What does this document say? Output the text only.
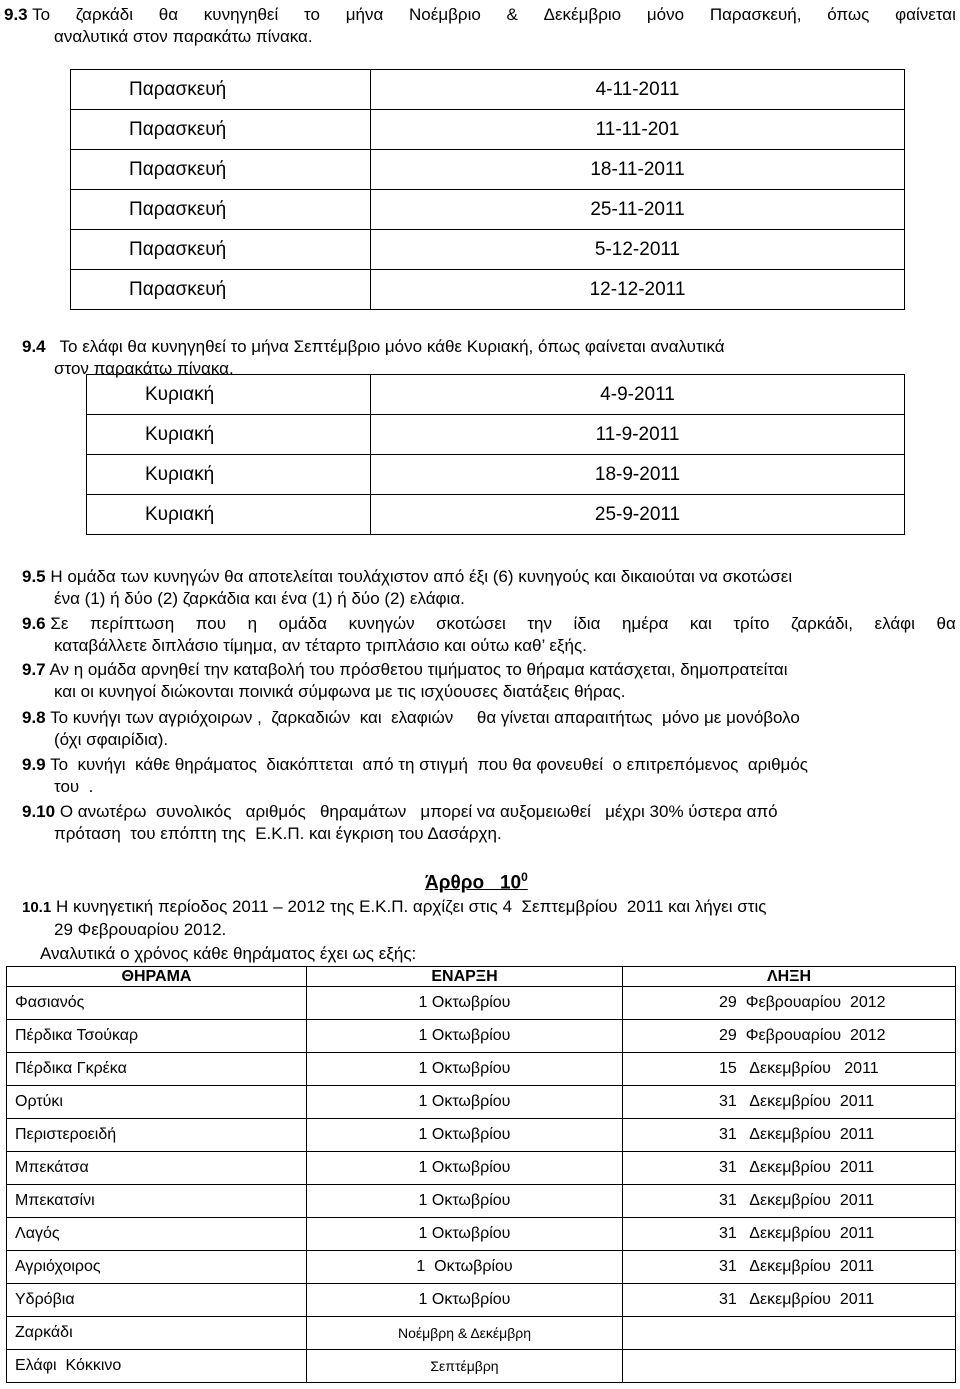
9.3 Το ζαρκάδι θα κυνηγηθεί το μήνα Νοέμβριο & Δεκέμβριο μόνο Παρασκευή, όπως φαίνεται
αναλυτικά στον παρακάτω πίνακα.
Παρασκευή	4-11-2011
Παρασκευή	11-11-201
Παρασκευή	18-11-2011
Παρασκευή	25-11-2011
Παρασκευή	5-12-2011
Παρασκευή	12-12-2011
9.4 Το ελάφι θα κυνηγηθεί το μήνα Σεπτέμβριο μόνο κάθε Κυριακή, όπως φαίνεται αναλυτικά
στον παρακάτω πίνακα.
Κυριακή	4-9-2011
Κυριακή	11-9-2011
Κυριακή	18-9-2011
Κυριακή	25-9-2011
9.5 Η ομάδα των κυνηγών θα αποτελείται τουλάχιστον από έξι (6) κυνηγούς και δικαιούται να σκοτώσει
ένα (1) ή δύο (2) ζαρκάδια και ένα (1) ή δύο (2) ελάφια.
9.6 Σε περίπτωση που η ομάδα κυνηγών σκοτώσει την ίδια ημέρα και τρίτο ζαρκάδι, ελάφι θα
καταβάλλετε διπλάσιο τίμημα, αν τέταρτο τριπλάσιο και ούτω καθ’ εξής.
9.7 Αν η ομάδα αρνηθεί την καταβολή του πρόσθετου τιμήματος το θήραμα κατάσχεται, δημοπρατείται
και οι κυνηγοί διώκονται ποινικά σύμφωνα με τις ισχύουσες διατάξεις θήρας.
9.8 Το κυνήγι των αγριόχοιρων ,  ζαρκαδιών  και  ελαφιών     θα γίνεται απαραιτήτως  μόνο με μονόβολο
(όχι σφαιρίδια).
9.9 Το  κυνήγι  κάθε θηράματος  διακόπτεται  από τη στιγμή  που θα φονευθεί  ο επιτρεπόμενος  αριθμός
του  .
9.10 Ο ανωτέρω  συνολικός   αριθμός   θηραμάτων   μπορεί να αυξομειωθεί   μέχρι 30% ύστερα από
πρόταση  του επόπτη της  Ε.Κ.Π. και έγκριση του Δασάρχη.
Άρθρο   $10^0$
10.1 Η κυνηγετική περίοδος 2011 – 2012 της Ε.Κ.Π. αρχίζει στις 4  Σεπτεμβρίου  2011 και λήγει στις
29 Φεβρουαρίου 2012.
Αναλυτικά ο χρόνος κάθε θηράματος έχει ως εξής:
ΘΗΡΑΜΑ	ΕΝΑΡΞΗ	ΛΗΞΗ
Φασιανός	1 Οκτωβρίου	29  Φεβρουαρίου  2012
Πέρδικα Τσούκαρ	1 Οκτωβρίου	29  Φεβρουαρίου  2012
Πέρδικα Γκρέκα	1 Οκτωβρίου	15   Δεκεμβρίου   2011
Ορτύκι	1 Οκτωβρίου	31   Δεκεμβρίου  2011
Περιστεροειδή	1 Οκτωβρίου	31   Δεκεμβρίου  2011
Μπεκάτσα	1 Οκτωβρίου	31   Δεκεμβρίου  2011
Μπεκατσίνι	1 Οκτωβρίου	31   Δεκεμβρίου  2011
Λαγός	1 Οκτωβρίου	31   Δεκεμβρίου  2011
Αγριόχοιρος	1  Οκτωβρίου	31   Δεκεμβρίου  2011
Υδρόβια	1 Οκτωβρίου	31   Δεκεμβρίου  2011
Ζαρκάδι	Νοέμβρη & Δεκέμβρη	
Ελάφι  Κόκκινο	Σεπτέμβρη	
